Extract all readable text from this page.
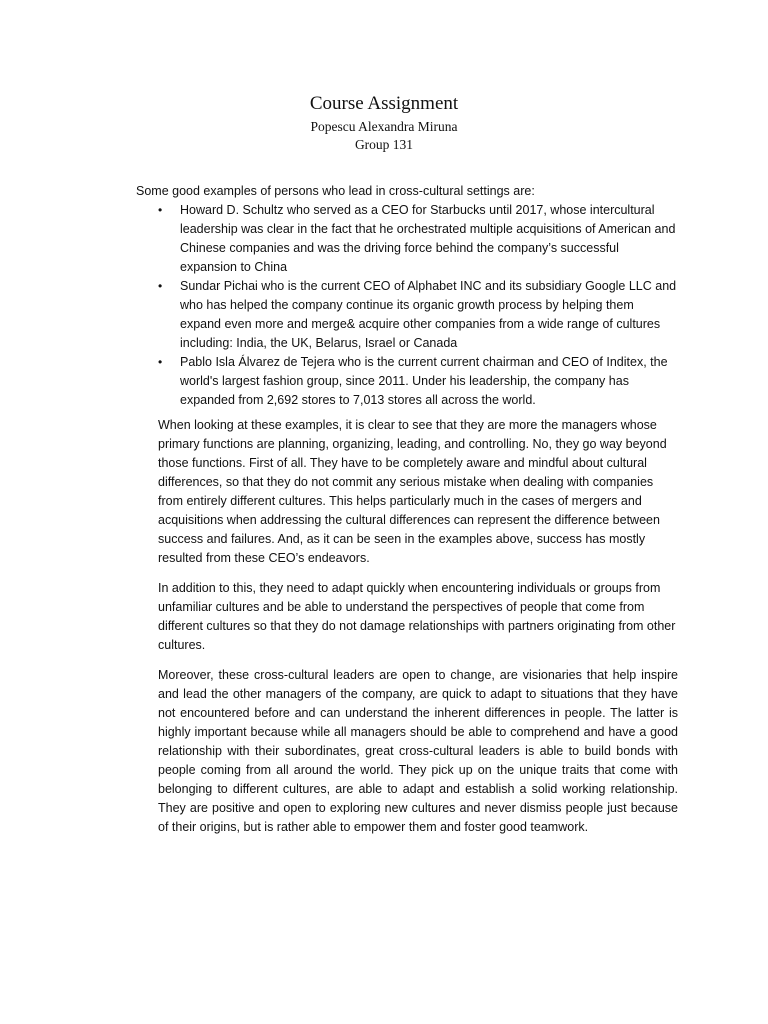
Course Assignment
Popescu Alexandra Miruna
Group 131
Some good examples of persons who lead in cross-cultural settings are:
•	Howard D. Schultz who served as a CEO for Starbucks until 2017, whose intercultural leadership was clear in the fact that he orchestrated multiple acquisitions of American and Chinese companies and was the driving force behind the company’s successful expansion to China
•	Sundar Pichai who is the current CEO of Alphabet INC and its subsidiary Google LLC and who has helped the company continue its organic growth process by helping them expand even more and merge& acquire other companies from a wide range of cultures including: India, the UK, Belarus, Israel or Canada
•	Pablo Isla Álvarez de Tejera who is the current current chairman and CEO of Inditex, the world's largest fashion group, since 2011. Under his leadership, the company has expanded from 2,692 stores to 7,013 stores all across the world.

When looking at these examples, it is clear to see that they are more the managers whose primary functions are planning, organizing, leading, and controlling. No, they go way beyond those functions. First of all. They have to be completely aware and mindful about cultural differences, so that they do not commit any serious mistake when dealing with companies from entirely different cultures. This helps particularly much in the cases of mergers and acquisitions when addressing the cultural differences can represent the difference between success and failures. And, as it can be seen in the examples above, success has mostly resulted from these CEO’s endeavors.

In addition to this, they need to adapt quickly when encountering individuals or groups from unfamiliar cultures and be able to understand the perspectives of people that come from different cultures so that they do not damage relationships with partners originating from other cultures.

Moreover, these cross-cultural leaders are open to change, are visionaries that help inspire and lead the other managers of the company, are quick to adapt to situations that they have not encountered before and can understand the inherent differences in people. The latter is highly important because while all managers should be able to comprehend and have a good relationship with their subordinates, great cross-cultural leaders is able to build bonds with people coming from all around the world. They pick up on the unique traits that come with belonging to different cultures, are able to adapt and establish a solid working relationship. They are positive and open to exploring new cultures and never dismiss people just because of their origins, but is rather able to empower them and foster good teamwork.
